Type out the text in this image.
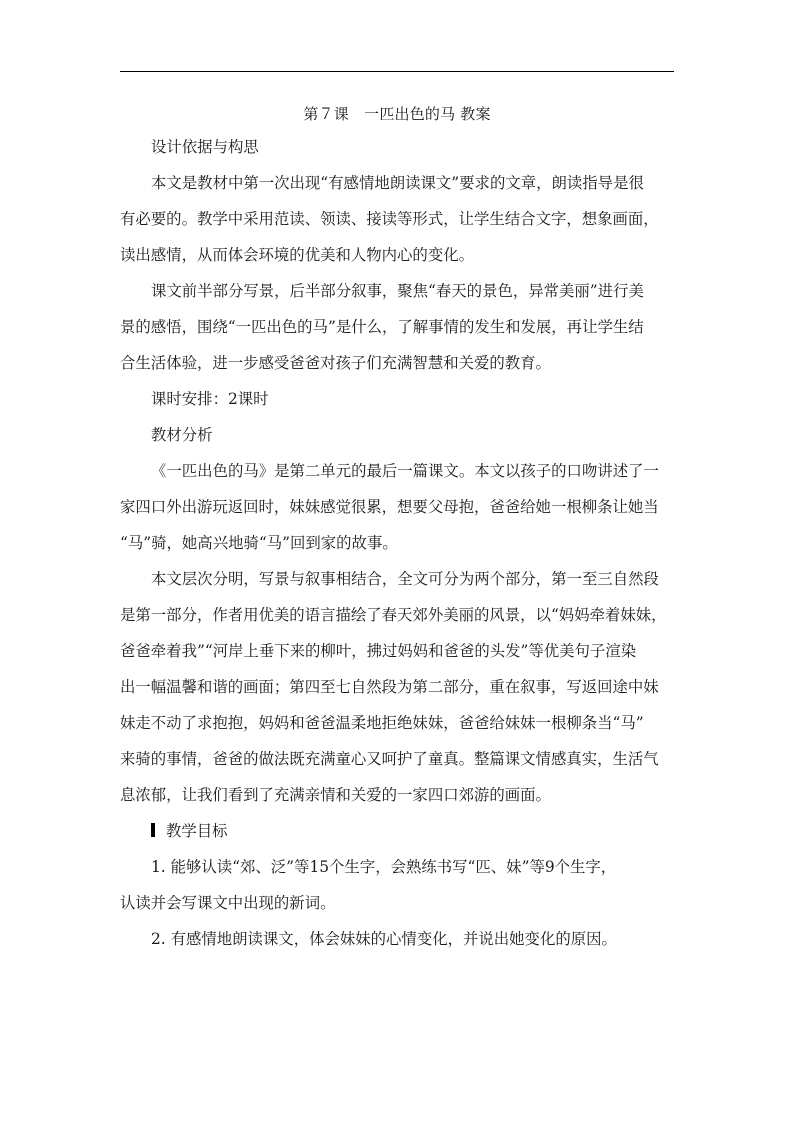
第７课　一匹出色的马 教案
设计依据与构思
本文是教材中第一次出现“有感情地朗读课文”要求的文章，朗读指导是很
有必要的。教学中采用范读、领读、接读等形式，让学生结合文字，想象画面，
读出感情，从而体会环境的优美和人物内心的变化。
课文前半部分写景，后半部分叙事，聚焦“春天的景色，异常美丽”进行美
景的感悟，围绕“一匹出色的马”是什么，了解事情的发生和发展，再让学生结
合生活体验，进一步感受爸爸对孩子们充满智慧和关爱的教育。
课时安排：2课时
教材分析
《一匹出色的马》是第二单元的最后一篇课文。本文以孩子的口吻讲述了一
家四口外出游玩返回时，妹妹感觉很累，想要父母抱，爸爸给她一根柳条让她当
“马”骑，她高兴地骑“马”回到家的故事。
本文层次分明，写景与叙事相结合，全文可分为两个部分，第一至三自然段
是第一部分，作者用优美的语言描绘了春天郊外美丽的风景，以“妈妈牵着妹妹，
爸爸牵着我”“河岸上垂下来的柳叶，拂过妈妈和爸爸的头发”等优美句子渲染
出一幅温馨和谐的画面；第四至七自然段为第二部分，重在叙事，写返回途中妹
妹走不动了求抱抱，妈妈和爸爸温柔地拒绝妹妹，爸爸给妹妹一根柳条当“马”
来骑的事情，爸爸的做法既充满童心又呵护了童真。整篇课文情感真实，生活气
息浓郁，让我们看到了充满亲情和关爱的一家四口郊游的画面。
教学目标
1. 能够认读“郊、泛”等15个生字，会熟练书写“匹、妹”等9个生字，
认读并会写课文中出现的新词。
2. 有感情地朗读课文，体会妹妹的心情变化，并说出她变化的原因。
